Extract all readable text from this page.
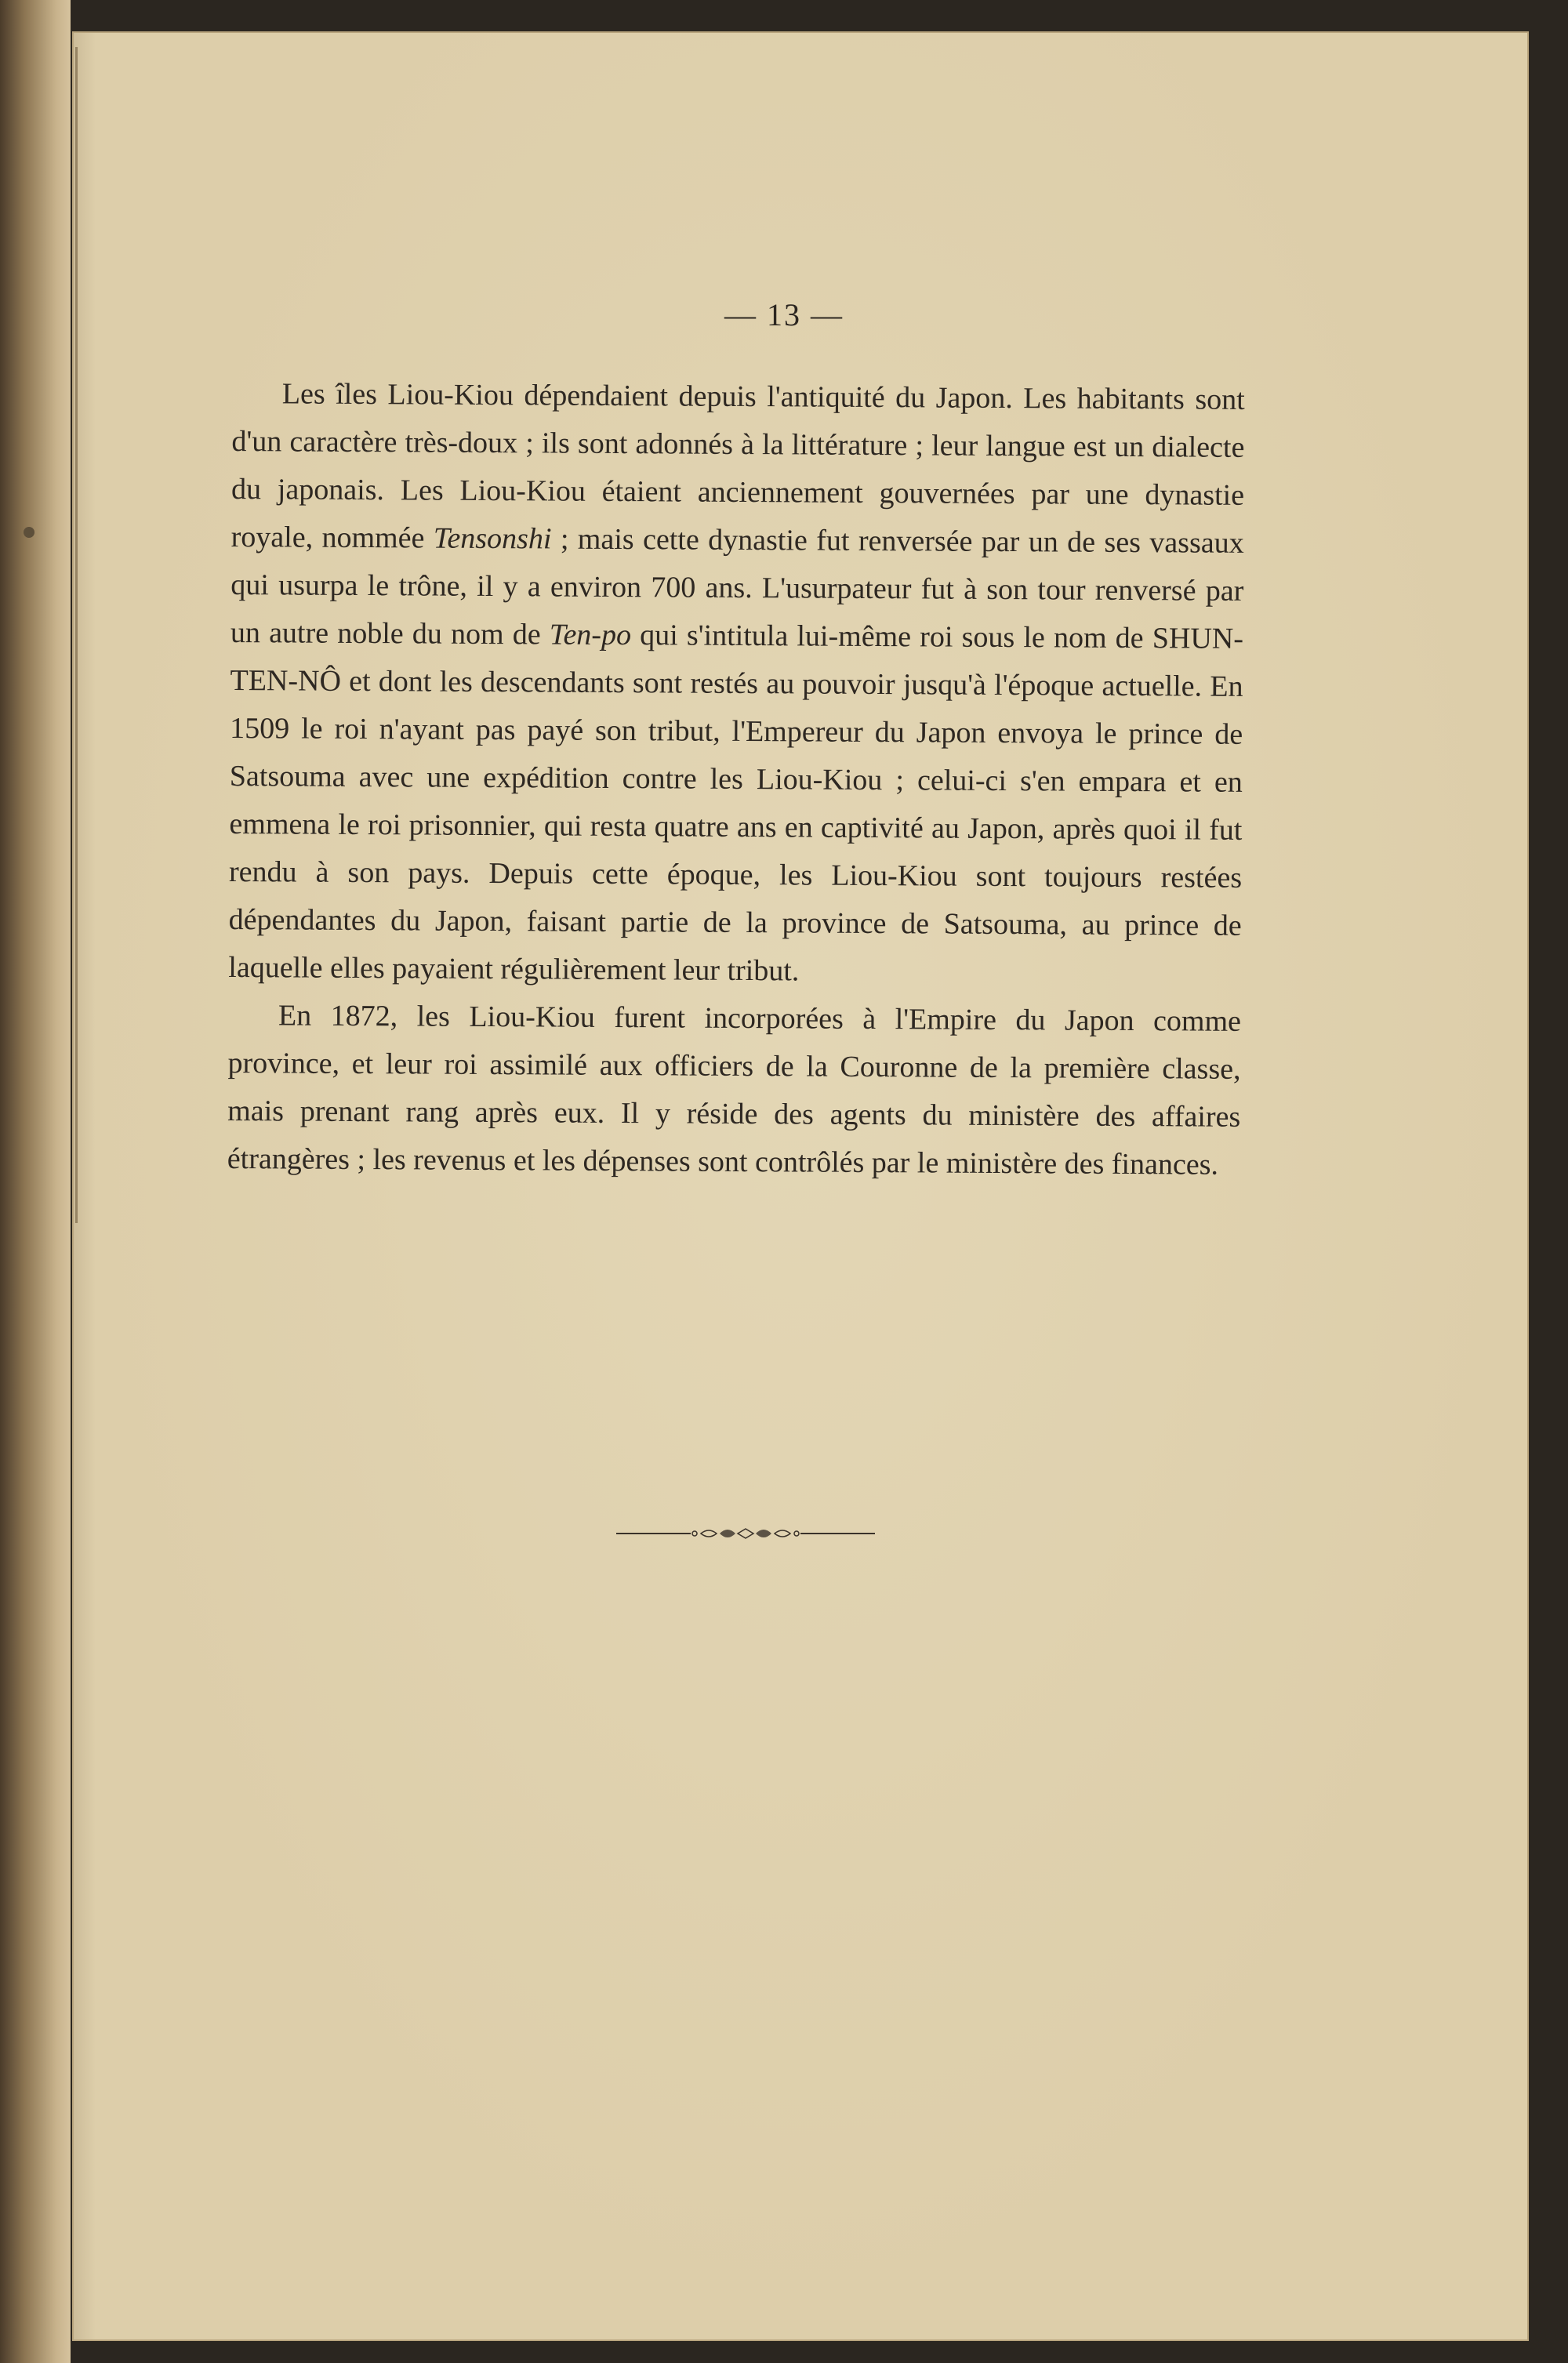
— 13 —

Les îles Liou-Kiou dépendaient depuis l'antiquité du Japon. Les habitants sont d'un caractère très-doux ; ils sont adonnés à la littérature ; leur langue est un dialecte du japonais. Les Liou-Kiou étaient anciennement gouvernées par une dynastie royale, nommée Tensonshi ; mais cette dynastie fut renversée par un de ses vassaux qui usurpa le trône, il y a environ 700 ans. L'usurpateur fut à son tour renversé par un autre noble du nom de Ten-po qui s'intitula lui-même roi sous le nom de SHUN-TEN-NÔ et dont les descendants sont restés au pouvoir jusqu'à l'époque actuelle. En 1509 le roi n'ayant pas payé son tribut, l'Empereur du Japon envoya le prince de Satsouma avec une expédition contre les Liou-Kiou ; celui-ci s'en empara et en emmena le roi prisonnier, qui resta quatre ans en captivité au Japon, après quoi il fut rendu à son pays. Depuis cette époque, les Liou-Kiou sont toujours restées dépendantes du Japon, faisant partie de la province de Satsouma, au prince de laquelle elles payaient régulièrement leur tribut.

En 1872, les Liou-Kiou furent incorporées à l'Empire du Japon comme province, et leur roi assimilé aux officiers de la Couronne de la première classe, mais prenant rang après eux. Il y réside des agents du ministère des affaires étrangères ; les revenus et les dépenses sont contrôlés par le ministère des finances.
